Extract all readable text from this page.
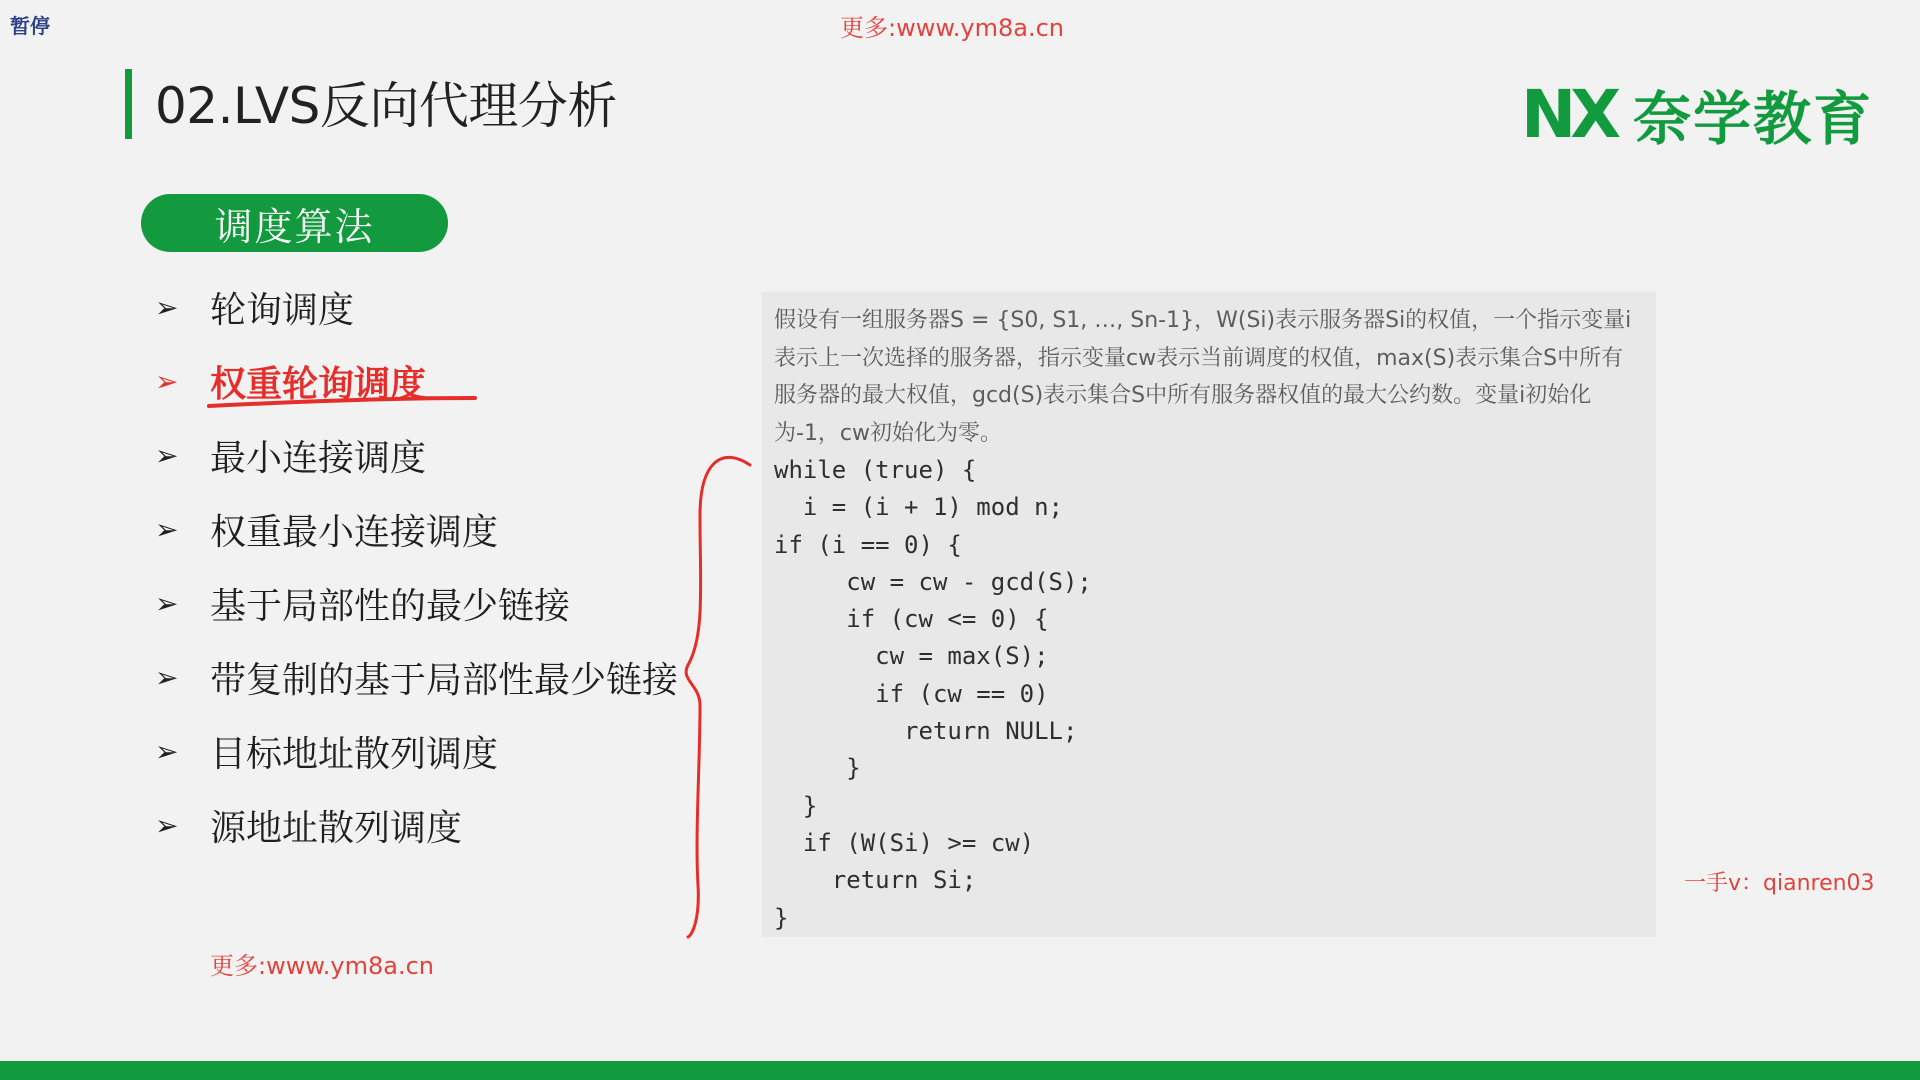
暂停	更多:www.ym8a.cn
02.LVS反向代理分析	NX 奈学教育
调度算法
➢ 轮询调度
➢ 权重轮询调度
➢ 最小连接调度
➢ 权重最小连接调度
➢ 基于局部性的最少链接
➢ 带复制的基于局部性最少链接
➢ 目标地址散列调度
➢ 源地址散列调度

假设有一组服务器S = {S0, S1, …, Sn-1}，W(Si)表示服务器Si的权值，一个指示变量i表示上一次选择的服务器，指示变量cw表示当前调度的权值，max(S)表示集合S中所有服务器的最大权值，gcd(S)表示集合S中所有服务器权值的最大公约数。变量i初始化为-1，cw初始化为零。

while (true) {
i = (i + 1) mod n;
if (i == 0) {
cw = cw - gcd(S);
if (cw <= 0) {
cw = max(S);
if (cw == 0)
return NULL;
}
}
if (W(Si) >= cw)
return Si;
}
一手v：qianren03
更多:www.ym8a.cn
